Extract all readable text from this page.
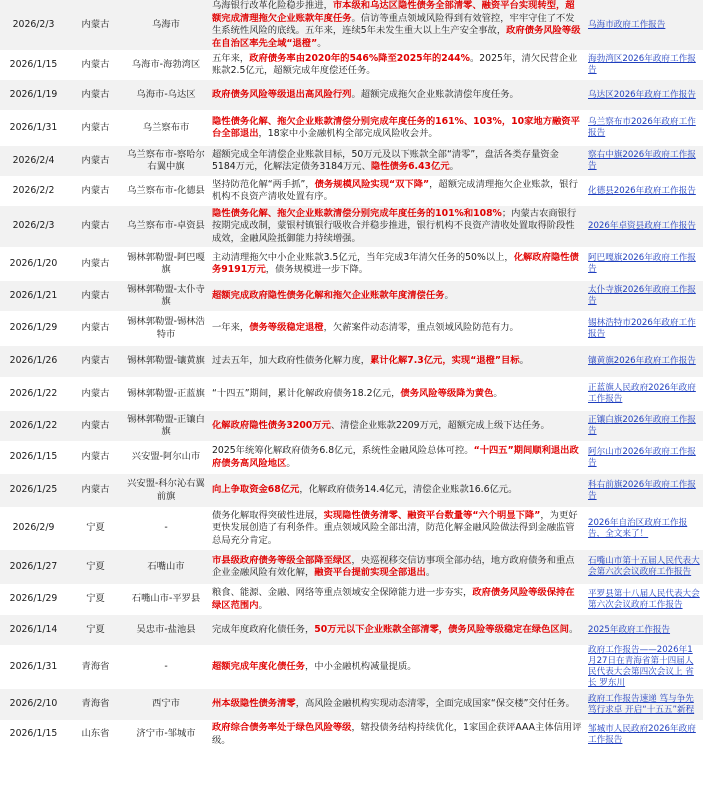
2026/2/3	内蒙古	乌海市	乌海银行改革化险稳步推进，市本级和乌达区隐性债务全部清零、融资平台实现转型，超额完成清理拖欠企业账款年度任务。信访等重点领域风险得到有效管控，牢牢守住了不发生系统性风险的底线。五年来，连续5年未发生重大以上生产安全事故，政府债务风险等级在自治区率先全域“退橙”。	乌海市政府工作报告

2026/1/15	内蒙古	乌海市-海勃湾区	五年来，政府债务率由2020年的546%降至2025年的244%。2025年，清欠民营企业账款2.5亿元，超额完成年度偿还任务。	海勃湾区2026年政府工作报告

2026/1/19	内蒙古	乌海市-乌达区	政府债务风险等级退出高风险行列。超额完成拖欠企业账款清偿年度任务。	乌达区2026年政府工作报告

2026/1/31	内蒙古	乌兰察布市	隐性债务化解、拖欠企业账款清偿分别完成年度任务的161%、103%，10家地方融资平台全部退出，18家中小金融机构全部完成风险收会并。	乌兰察布市2026年政府工作报告

2026/2/4	内蒙古	乌兰察布市-察哈尔右翼中旗	超额完成全年清偿企业账款目标，50万元及以下账款全部“清零”，盘活各类存量资金5184万元，化解法定债务3184万元、隐性债务6.43亿元。	察右中旗2026年政府工作报告

2026/2/2	内蒙古	乌兰察布市-化德县	坚持防范化解“两手抓”，债务规模风险实现“双下降”，超额完成清理拖欠企业账款，银行机构不良资产清收处置有序。	化德县2026年政府工作报告

2026/2/3	内蒙古	乌兰察布市-卓资县	隐性债务化解、拖欠企业账款清偿分别完成年度任务的101%和108%；内蒙古农商银行按期完成改制，蒙银村镇银行吸收合并稳步推进，银行机构不良资产清收处置取得阶段性成效，金融风险抵御能力持续增强。	2026年卓资县政府工作报告

2026/1/20	内蒙古	锡林郭勒盟-阿巴嘎旗	主动清理拖欠中小企业账款3.5亿元，当年完成3年清欠任务的50%以上，化解政府隐性债务9191万元，债务规模进一步下降。	阿巴嘎旗2026年政府工作报告

2026/1/21	内蒙古	锡林郭勒盟-太仆寺旗	超额完成政府隐性债务化解和拖欠企业账款年度清偿任务。	太仆寺旗2026年政府工作报告

2026/1/29	内蒙古	锡林郭勒盟-锡林浩特市	一年来，债务等级稳定退橙，欠薪案件动态清零，重点领域风险防范有力。	锡林浩特市2026年政府工作报告

2026/1/26	内蒙古	锡林郭勒盟-镶黄旗	过去五年，加大政府性债务化解力度，累计化解7.3亿元，实现“退橙”目标。	镶黄旗2026年政府工作报告

2026/1/22	内蒙古	锡林郭勒盟-正蓝旗	“十四五”期间，累计化解政府债务18.2亿元，债务风险等级降为黄色。	正蓝旗人民政府2026年政府工作报告

2026/1/22	内蒙古	锡林郭勒盟-正镶白旗	化解政府隐性债务3200万元、清偿企业账款2209万元，超额完成上级下达任务。	正镶白旗2026年政府工作报告

2026/1/15	内蒙古	兴安盟-阿尔山市	2025年统筹化解政府债务6.8亿元，系统性金融风险总体可控。“十四五”期间顺利退出政府债务高风险地区。	阿尔山市2026年政府工作报告

2026/1/25	内蒙古	兴安盟-科尔沁右翼前旗	向上争取资金68亿元，化解政府债务14.4亿元，清偿企业账款16.6亿元。	科右前旗2026年政府工作报告

2026/2/9	宁夏	-	债务化解取得突破性进展，实现隐性债务清零、融资平台数量等“六个明显下降”，为更好更快发展创造了有利条件。重点领域风险全部出清，防范化解金融风险做法得到金融监管总局充分肯定。	2026年自治区政府工作报告，全文来了！

2026/1/27	宁夏	石嘴山市	市县级政府债务等级全部降至绿区，央巡视移交信访事项全部办结，地方政府债务和重点企业金融风险有效化解，融资平台提前实现全部退出。	石嘴山市第十五届人民代表大会第六次会议政府工作报告

2026/1/29	宁夏	石嘴山市-平罗县	粮食、能源、金融、网络等重点领域安全保障能力进一步夯实，政府债务风险等级保持在绿区范围内。	平罗县第十八届人民代表大会第六次会议政府工作报告

2026/1/14	宁夏	吴忠市-盐池县	完成年度政府化债任务，50万元以下企业账款全部清零，债务风险等级稳定在绿色区间。	2025年政府工作报告

2026/1/31	青海省	-	超额完成年度化债任务，中小金融机构减量提质。	政府工作报告——2026年1月27日在青海省第十四届人民代表大会第四次会议上 省长 罗东川

2026/2/10	青海省	西宁市	州本级隐性债务清零，高风险金融机构实现动态清零，全面完成国家“保交楼”交付任务。	政府工作报告速递 笃与争先 笃行求卓 开启“十五五”新程

2026/1/15	山东省	济宁市-邹城市	政府综合债务率处于绿色风险等级，辖投债务结构持续优化，1家国企获评AAA主体信用评级。	邹城市人民政府2026年政府工作报告
